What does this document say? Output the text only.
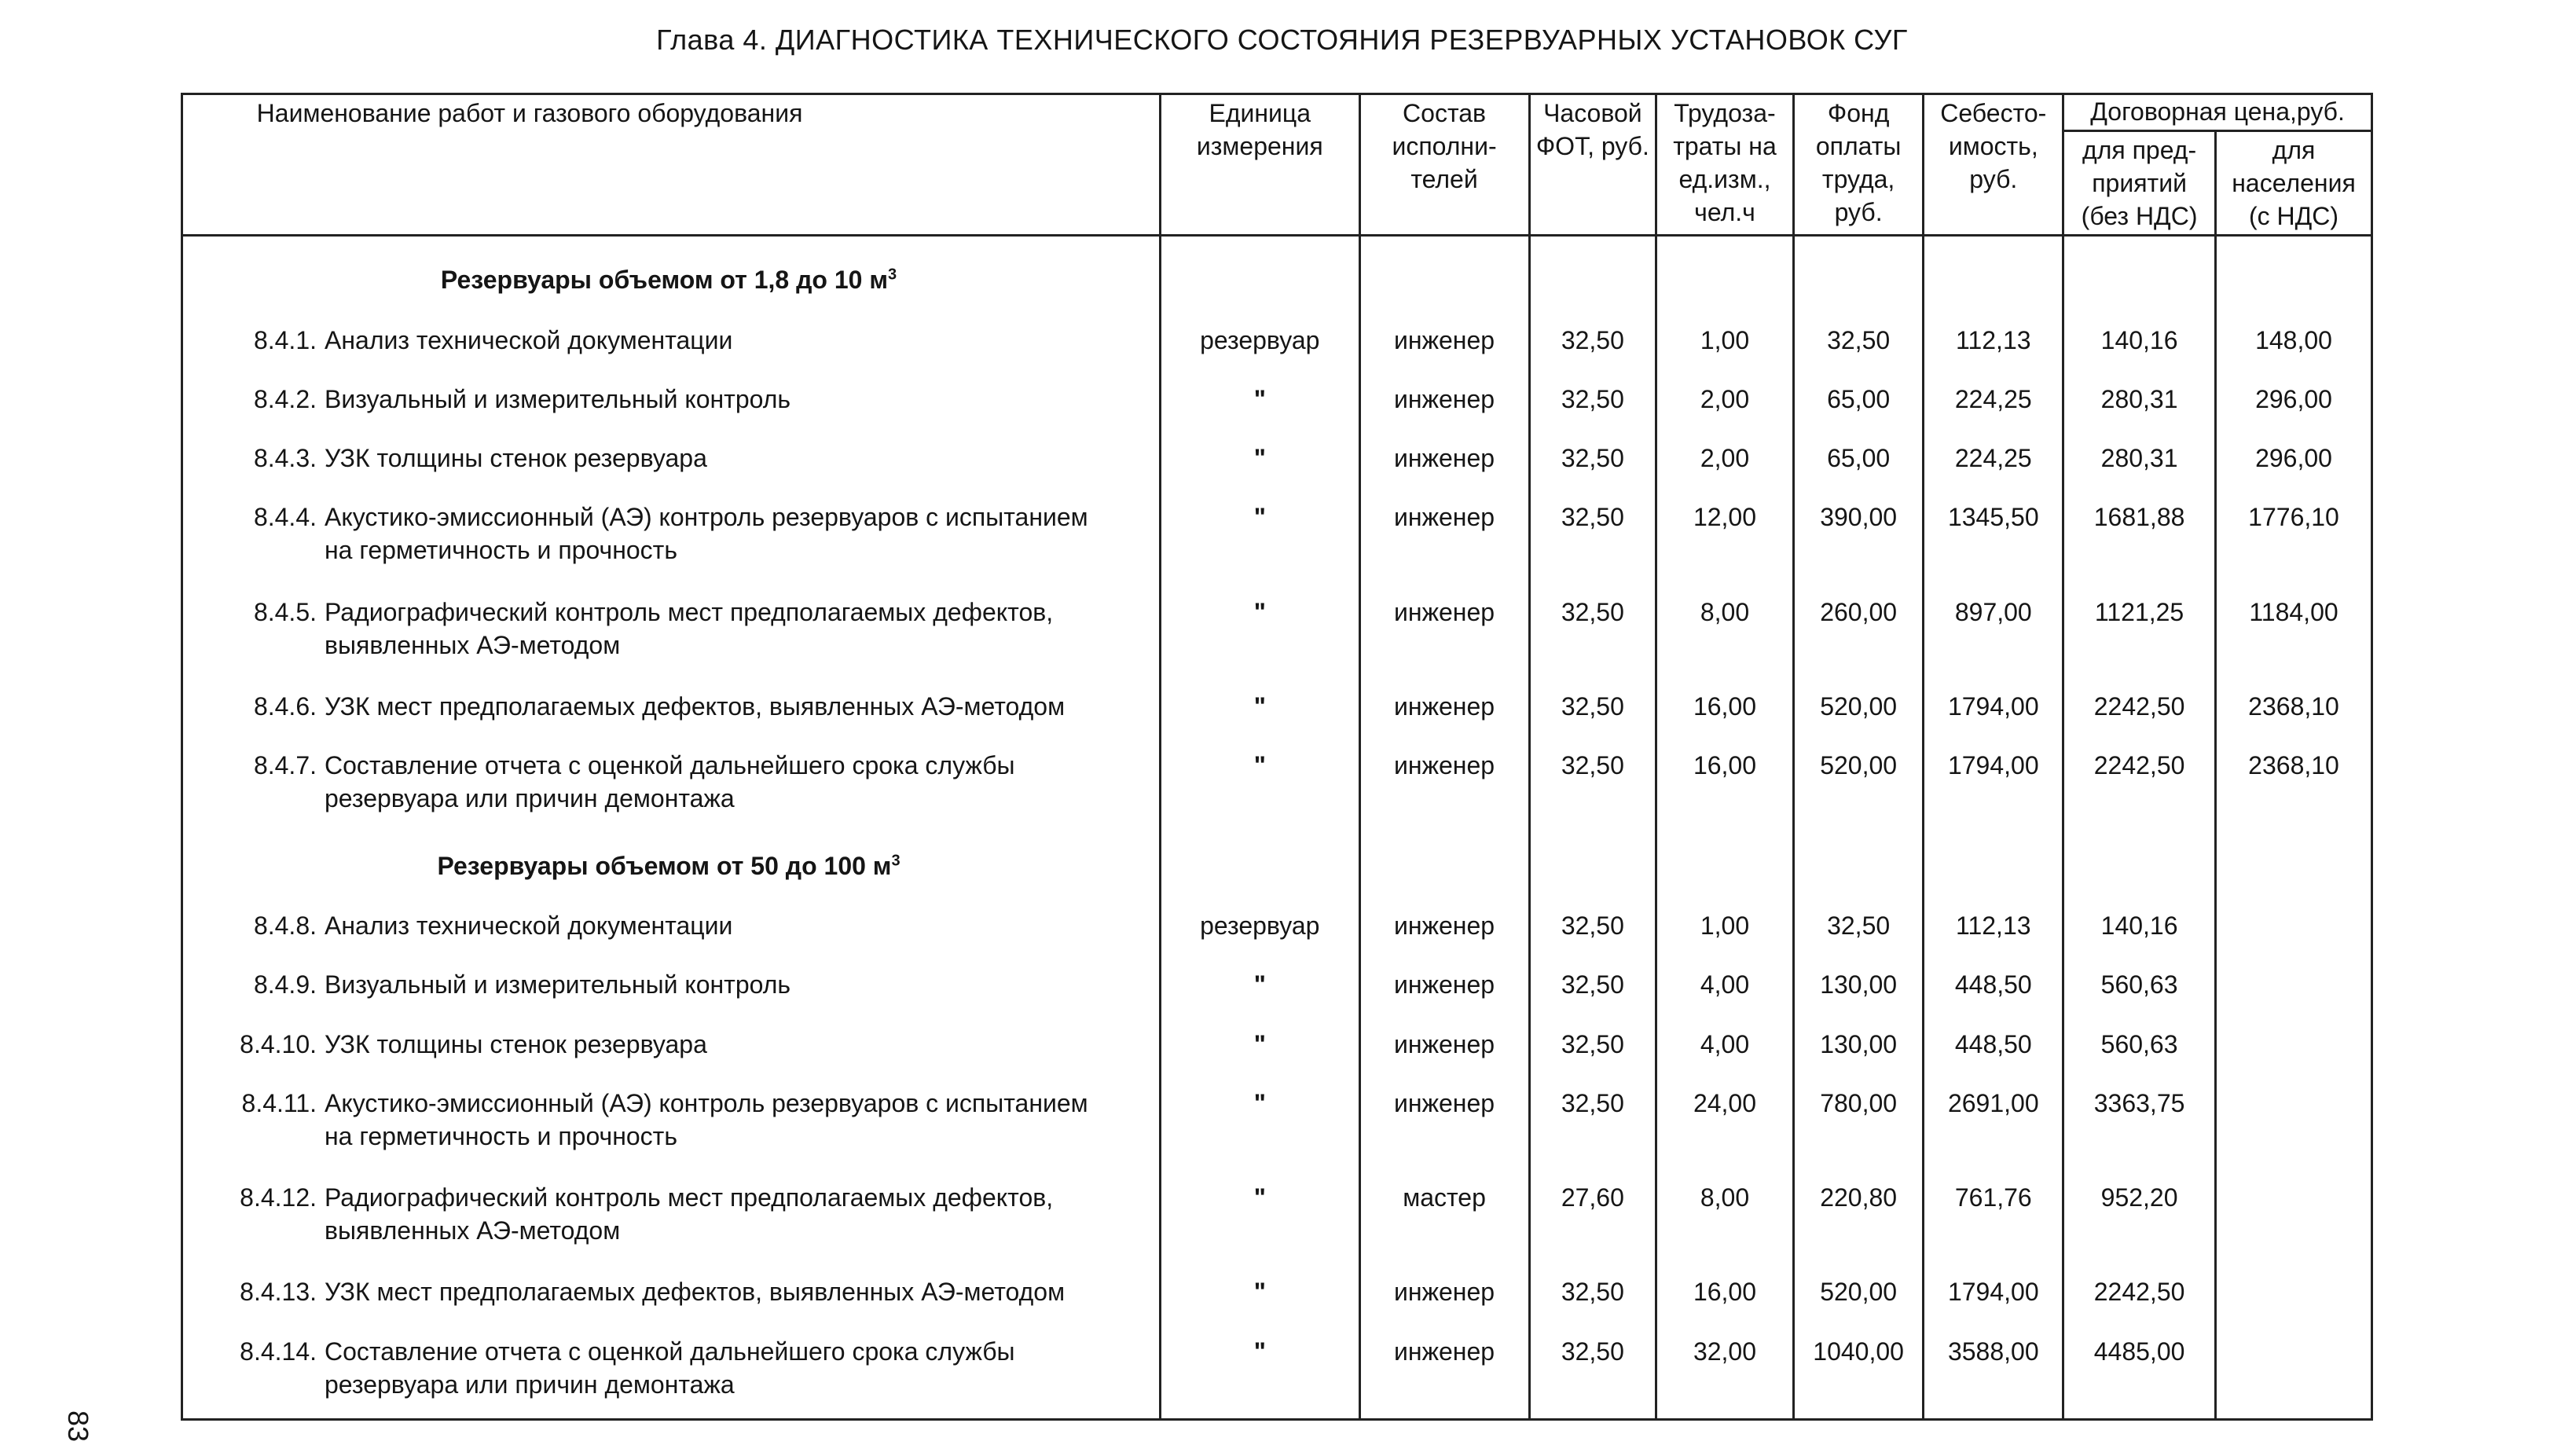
Глава 4. ДИАГНОСТИКА ТЕХНИЧЕСКОГО СОСТОЯНИЯ РЕЗЕРВУАРНЫХ УСТАНОВОК СУГ
Наименование работ и газового оборудования	Единица измерения	Состав исполни-телей	Часовой ФОТ, руб.	Трудоза-траты на ед.изм., чел.ч	Фонд оплаты труда, руб.	Себесто-имость, руб.	Договорная цена,руб.	
							для пред-приятий (без НДС)	для населения (с НДС)
Резервуары объемом от 1,8 до 10 $м^3$								
8.4.1. Анализ технической документации	резервуар	инженер	32,50	1,00	32,50	112,13	140,16	148,00
8.4.2. Визуальный и измерительный контроль	"	инженер	32,50	2,00	65,00	224,25	280,31	296,00
8.4.3. УЗК толщины стенок резервуара	"	инженер	32,50	2,00	65,00	224,25	280,31	296,00
8.4.4. Акустико-эмиссионный (АЭ) контроль резервуаров с испытанием
на герметичность и прочность	"	инженер	32,50	12,00	390,00	1345,50	1681,88	1776,10
8.4.5. Радиографический контроль мест предполагаемых дефектов,
выявленных АЭ-методом	"	инженер	32,50	8,00	260,00	897,00	1121,25	1184,00
8.4.6. УЗК мест предполагаемых дефектов, выявленных АЭ-методом	"	инженер	32,50	16,00	520,00	1794,00	2242,50	2368,10
8.4.7. Составление отчета с оценкой дальнейшего срока службы
резервуара или причин демонтажа	"	инженер	32,50	16,00	520,00	1794,00	2242,50	2368,10
Резервуары объемом от 50 до 100 $м^3$								
8.4.8. Анализ технической документации	резервуар	инженер	32,50	1,00	32,50	112,13	140,16	
8.4.9. Визуальный и измерительный контроль	"	инженер	32,50	4,00	130,00	448,50	560,63	
8.4.10. УЗК толщины стенок резервуара	"	инженер	32,50	4,00	130,00	448,50	560,63	
8.4.11. Акустико-эмиссионный (АЭ) контроль резервуаров с испытанием
на герметичность и прочность	"	инженер	32,50	24,00	780,00	2691,00	3363,75	
8.4.12. Радиографический контроль мест предполагаемых дефектов,
выявленных АЭ-методом	"	мастер	27,60	8,00	220,80	761,76	952,20	
8.4.13. УЗК мест предполагаемых дефектов, выявленных АЭ-методом	"	инженер	32,50	16,00	520,00	1794,00	2242,50	
8.4.14. Составление отчета с оценкой дальнейшего срока службы
резервуара или причин демонтажа	"	инженер	32,50	32,00	1040,00	3588,00	4485,00	
83
